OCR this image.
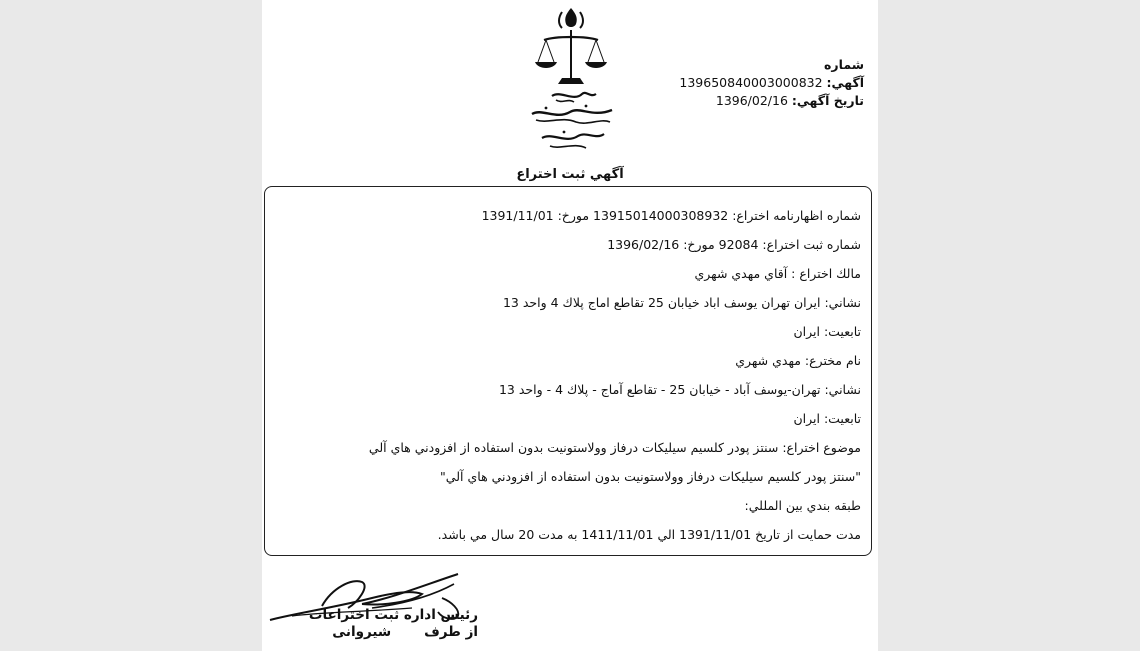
شماره
آگهي: 139650840003000832
تاريخ آگهي: 1396/02/16
آگهي ثبت اختراع
شماره اظهارنامه اختراع: 13915014000308932 مورخ: 1391/11/01
شماره ثبت اختراع: 92084 مورخ: 1396/02/16
مالك اختراع : آقاي مهدي شهري
نشاني: ايران تهران يوسف اباد خيابان 25 تقاطع اماج پلاك 4 واحد 13
تابعيت: ايران
نام مخترع: مهدي شهري
نشاني: تهران-يوسف آباد - خيابان 25 - تقاطع آماج - پلاك 4 - واحد 13
تابعيت: ايران
موضوع اختراع: سنتز پودر كلسيم سيليكات درفاز وولاستونيت بدون استفاده از افزودني هاي آلي
"سنتز پودر كلسيم سيليكات درفاز وولاستونيت بدون استفاده از افزودني هاي آلي"
طبقه بندي بين المللي:
مدت حمايت از تاريخ 1391/11/01 الي 1411/11/01 به مدت 20 سال مي باشد.
رئیس اداره ثبت اختراعات
از طرف       شیروانی
